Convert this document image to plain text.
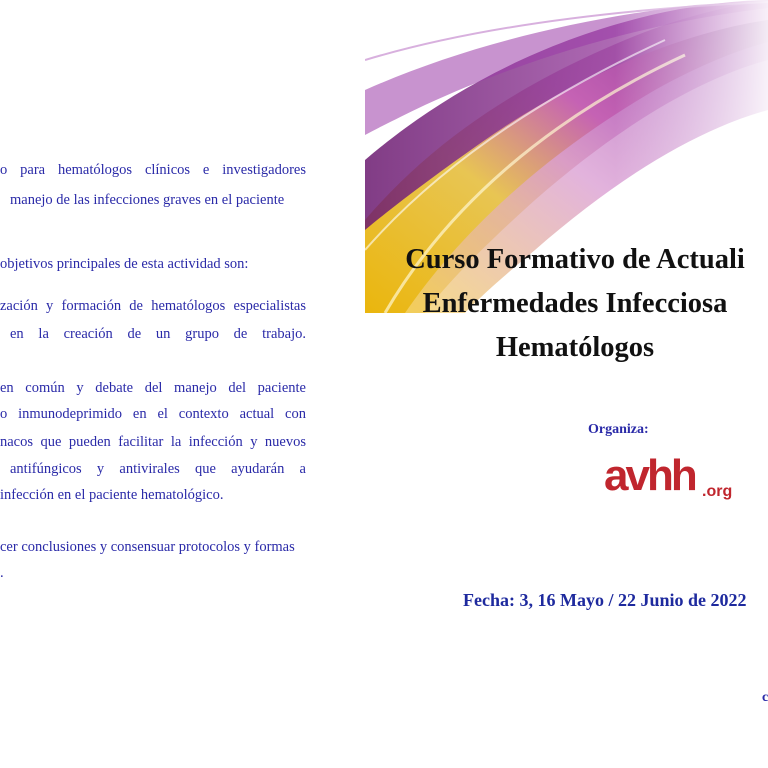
o para hematólogos clínicos e investigadores
manejo de las infecciones graves en el paciente
objetivos principales de esta actividad son:
zación y formación de hematólogos especialistas
en la creación de un grupo de trabajo.
en común y debate del manejo del paciente
o inmunodeprimido en el contexto actual con
nacos que pueden facilitar la infección y nuevos
antifúngicos y antivirales que ayudarán a
infección en el paciente hematológico.
cer conclusiones y consensuar protocolos y formas
.
Curso Formativo de Actuali
Enfermedades Infecciosa
Hematólogos
Organiza:
avhh .org
Fecha: 3, 16 Mayo / 22 Junio de 2022
c
